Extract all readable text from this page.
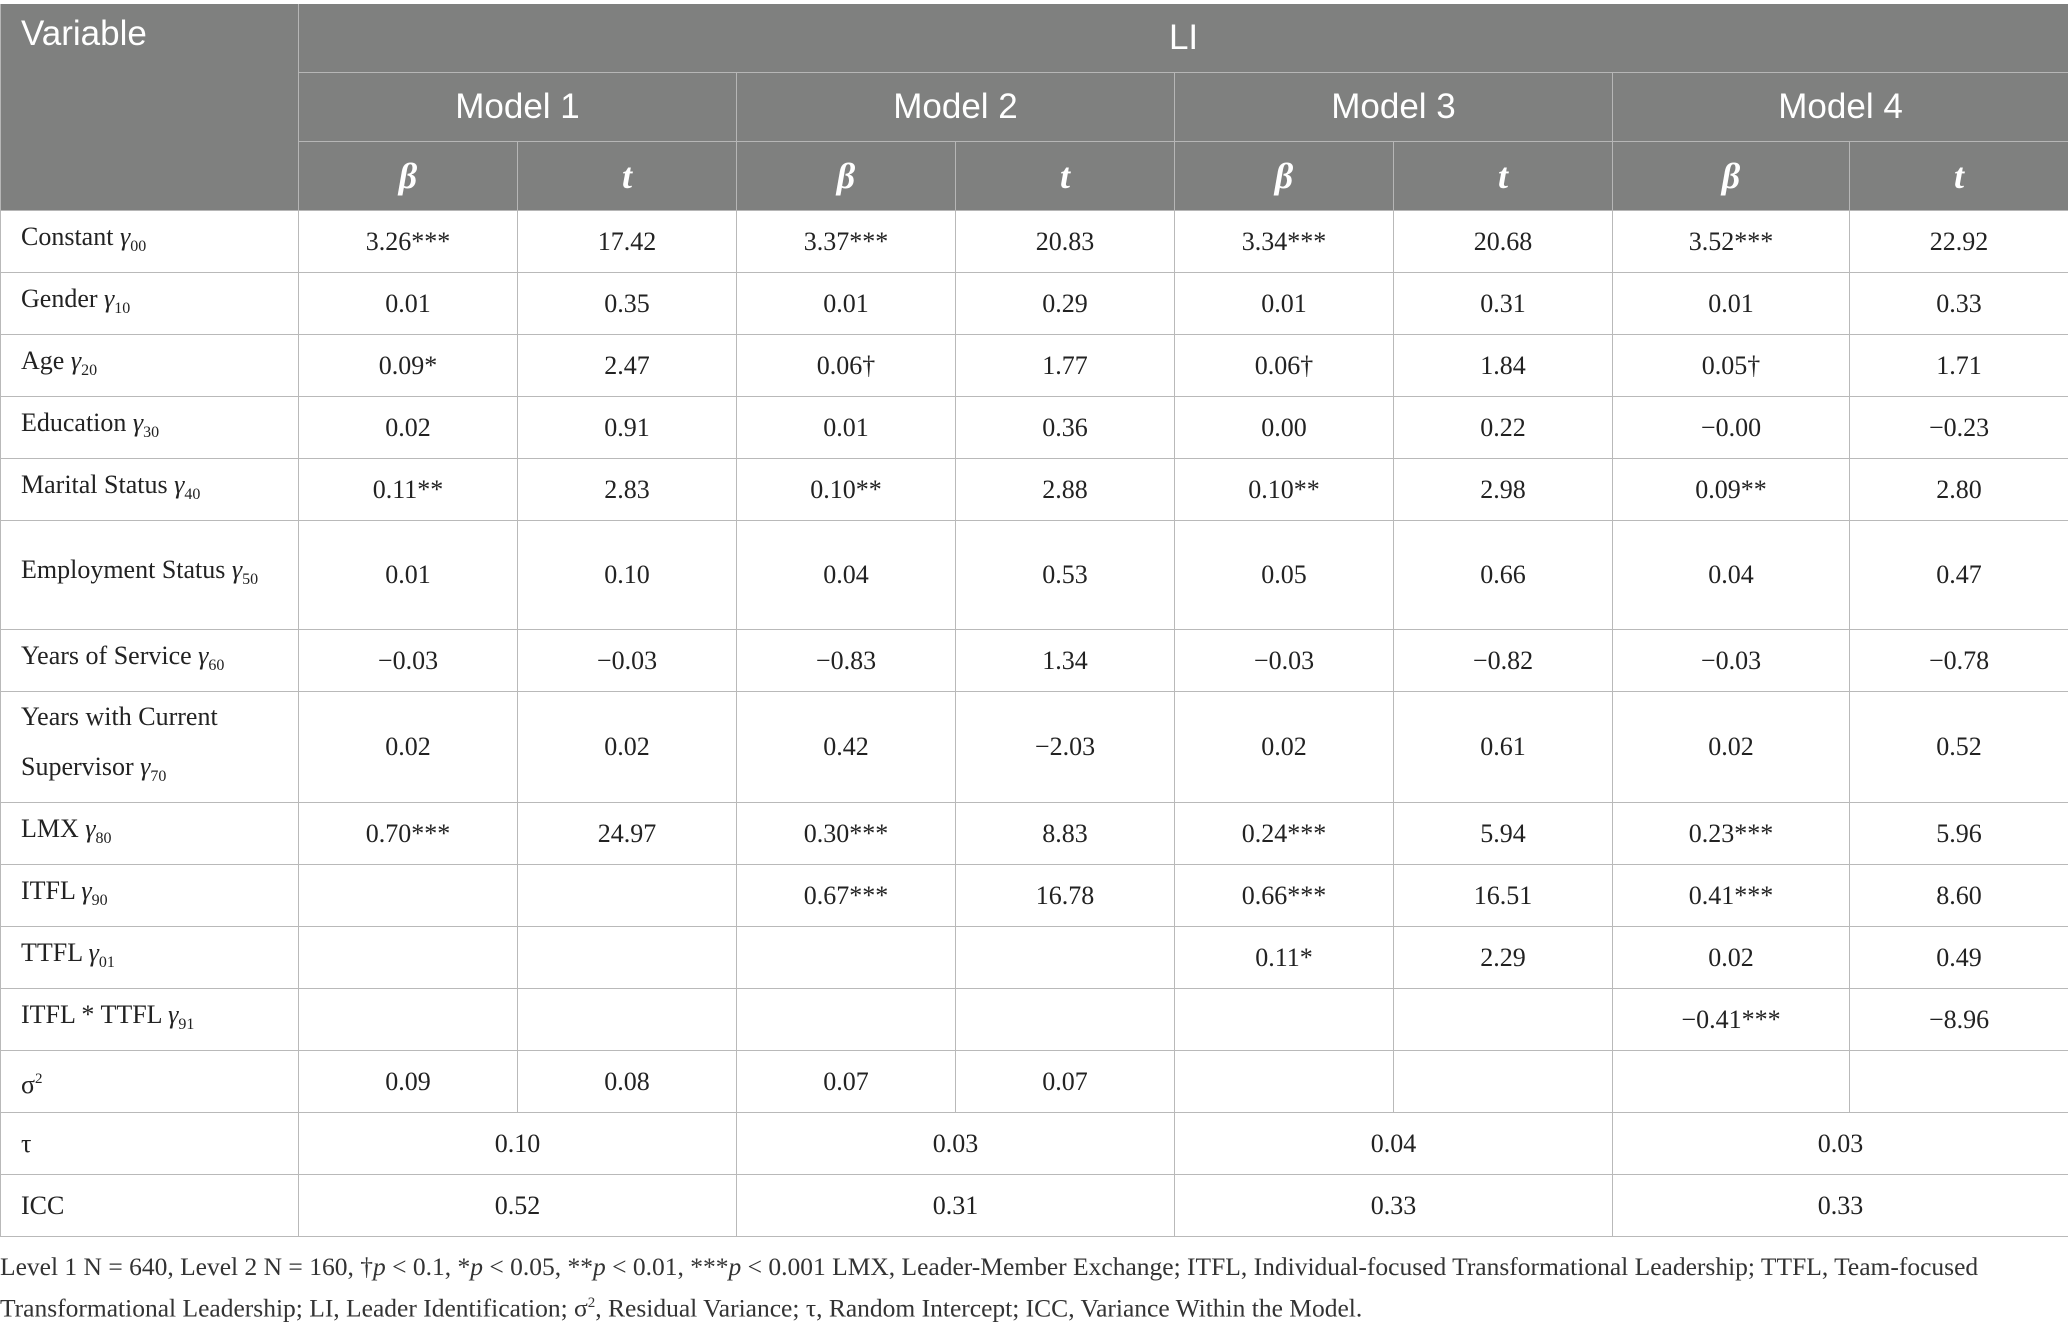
Variable	LI							
	Model 1		Model 2		Model 3		Model 4	
	β	t	β	t	β	t	β	t
Constant $\gamma_{00}$	3.26***	17.42	3.37***	20.83	3.34***	20.68	3.52***	22.92
Gender $\gamma_{10}$	0.01	0.35	0.01	0.29	0.01	0.31	0.01	0.33
Age $\gamma_{20}$	0.09*	2.47	0.06†	1.77	0.06†	1.84	0.05†	1.71
Education $\gamma_{30}$	0.02	0.91	0.01	0.36	0.00	0.22	−0.00	−0.23
Marital Status $\gamma_{40}$	0.11**	2.83	0.10**	2.88	0.10**	2.98	0.09**	2.80
Employment Status $\gamma_{50}$	0.01	0.10	0.04	0.53	0.05	0.66	0.04	0.47
Years of Service $\gamma_{60}$	−0.03	−0.03	−0.83	1.34	−0.03	−0.82	−0.03	−0.78
Years with Current Supervisor $\gamma_{70}$	0.02	0.02	0.42	−2.03	0.02	0.61	0.02	0.52
LMX $\gamma_{80}$	0.70***	24.97	0.30***	8.83	0.24***	5.94	0.23***	5.96
ITFL $\gamma_{90}$			0.67***	16.78	0.66***	16.51	0.41***	8.60
TTFL $\gamma_{01}$					0.11*	2.29	0.02	0.49
ITFL * TTFL $\gamma_{91}$							−0.41***	−8.96
$\sigma^2$	0.09	0.08	0.07	0.07				
τ	0.10		0.03		0.04		0.03	
ICC	0.52		0.31		0.33		0.33	
Level 1 N = 640, Level 2 N = 160, †p < 0.1, *p < 0.05, **p < 0.01, ***p < 0.001 LMX, Leader-Member Exchange; ITFL, Individual-focused Transformational Leadership; TTFL, Team-focused Transformational Leadership; LI, Leader Identification; $\sigma^2$, Residual Variance; τ, Random Intercept; ICC, Variance Within the Model.
